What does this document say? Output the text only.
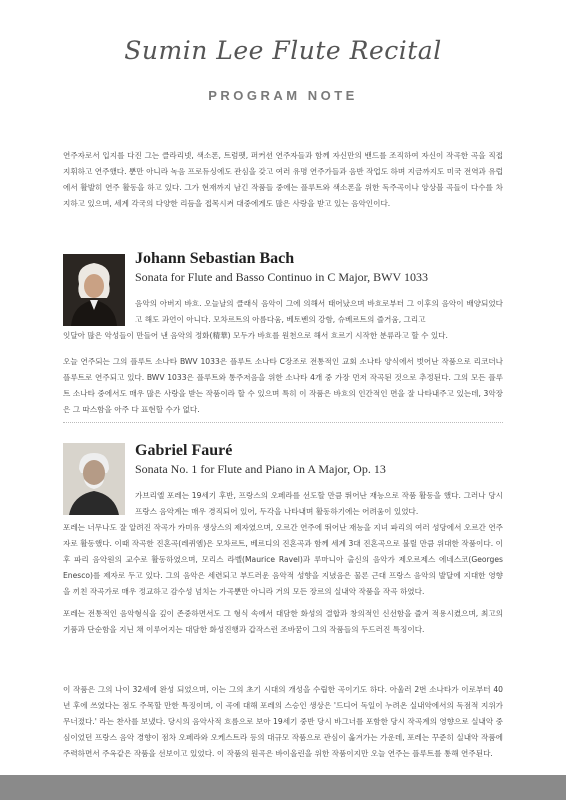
Sumin Lee Flute Recital
PROGRAM NOTE
연주자로서 입지를 다진 그는 클라리넷, 색소폰, 트럼펫, 퍼커션 연주자들과 함께 자신만의 밴드를 조직하여 자신이 작곡한 곡을 직접 지휘하고 연주했다. 뿐만 아니라 녹음 프로듀싱에도 관심을 갖고 여러 유명 연주가들과 음반 작업도 하며 지금까지도 미국 전역과 유럽에서 활발히 연주 활동을 하고 있다. 그가 현재까지 남긴 작품들 중에는 플루트와 색소폰을 위한 독주곡이나 앙상블 곡들이 다수를 차지하고 있으며, 세계 각국의 다양한 리듬을 접목시켜 대중에게도 많은 사랑을 받고 있는 음악인이다.
Johann Sebastian Bach
Sonata for Flute and Basso Continuo in C Major, BWV 1033
음악의 아버지 바흐. 오늘날의 클래식 음악이 그에 의해서 태어났으며 바흐로부터 그 이후의 음악이 배양되었다고 해도 과언이 아니다. 모차르트의 아름다움, 베토벤의 강함, 슈베르트의 즐거움, 그리고
잇달아 많은 악성들이 만들어 낸 음악의 정화(精華) 모두가 바흐를 원천으로 해서 흐르기 시작한 분류라고 할 수 있다.
오늘 연주되는 그의 플루트 소나타 BWV 1033은 플루트 소나타 C장조로 전통적인 교회 소나타 양식에서 벗어난 작품으로 리코더나 플루트로 연주되고 있다. BWV 1033은 플루트와 통주저음을 위한 소나타 4개 중 가장 먼저 작곡된 것으로 추정된다. 그의 모든 플루트 소나타 중에서도 매우 많은 사랑을 받는 작품이라 할 수 있으며 특히 이 작품은 바흐의 인간적인 면을 잘 나타내주고 있는데, 3악장은 그 따스함을 아주 다 표현할 수가 없다.
Gabriel Fauré
Sonata No. 1 for Flute and Piano in A Major, Op. 13
가브리엘 포레는 19세기 후반, 프랑스의 오페라를 선도할 만큼 뛰어난 재능으로 작품 활동을 했다. 그러나 당시 프랑스 음악계는 매우 경직되어 있어, 두각을 나타내며 활동하기에는 어려움이 있었다.
포레는 너무나도 잘 알려진 작곡가 카미유 생상스의 제자였으며, 오르간 연주에 뛰어난 재능을 지녀 파리의 여러 성당에서 오르간 연주자로 활동했다. 이때 작곡한 진혼곡(레퀴엠)은 모차르트, 베르디의 진혼곡과 함께 세계 3대 진혼곡으로 불릴 만큼 위대한 작품이다. 이후 파리 음악원의 교수로 활동하였으며, 모리스 라벨(Maurice Ravel)과 루마니아 출신의 음악가 제오르제스 에네스코(Georges Enesco)를 제자로 두고 있다. 그의 음악은 세련되고 부드러운 음악적 성향을 지녔음은 물론 근대 프랑스 음악의 발달에 지대한 영향을 끼친 작곡가로 매우 정교하고 감수성 넘치는 가곡뿐만 아니라 거의 모든 장르의 실내악 작품을 작곡 하였다.
포레는 전통적인 음악형식을 깊이 존중하면서도 그 형식 속에서 대담한 화성의 결합과 창의적인 신선함을 즐겨 적용시켰으며, 최고의 기품과 단순함을 지닌 채 이루어지는 대담한 화성진행과 갑작스런 조바꿈이 그의 작품들의 두드러진 특징이다.
이 작품은 그의 나이 32세에 완성 되었으며, 이는 그의 초기 시대의 개성을 수립한 곡이기도 하다. 아울러 2번 소나타가 이로부터 40년 후에 쓰였다는 점도 주목할 만한 특징이며, 이 곡에 대해 포레의 스승인 생상은 '드디어 독일이 누려온 실내악에서의 독점적 지위가 무너졌다.' 라는 찬사를 보냈다. 당시의 음악사적 흐름으로 보아 19세기 중반 당시 바그너를 포함한 당시 작곡계의 영향으로 실내악 중심이었던 프랑스 음악 경향이 점차 오페라와 오케스트라 등의 대규모 작품으로 관심이 옮겨가는 가운데, 포레는 꾸준히 실내악 작품에 주력하면서 주옥같은 작품을 선보이고 있었다. 이 작품의 원곡은 바이올린을 위한 작품이지만 오늘 연주는 플루트를 통해 연주된다.
